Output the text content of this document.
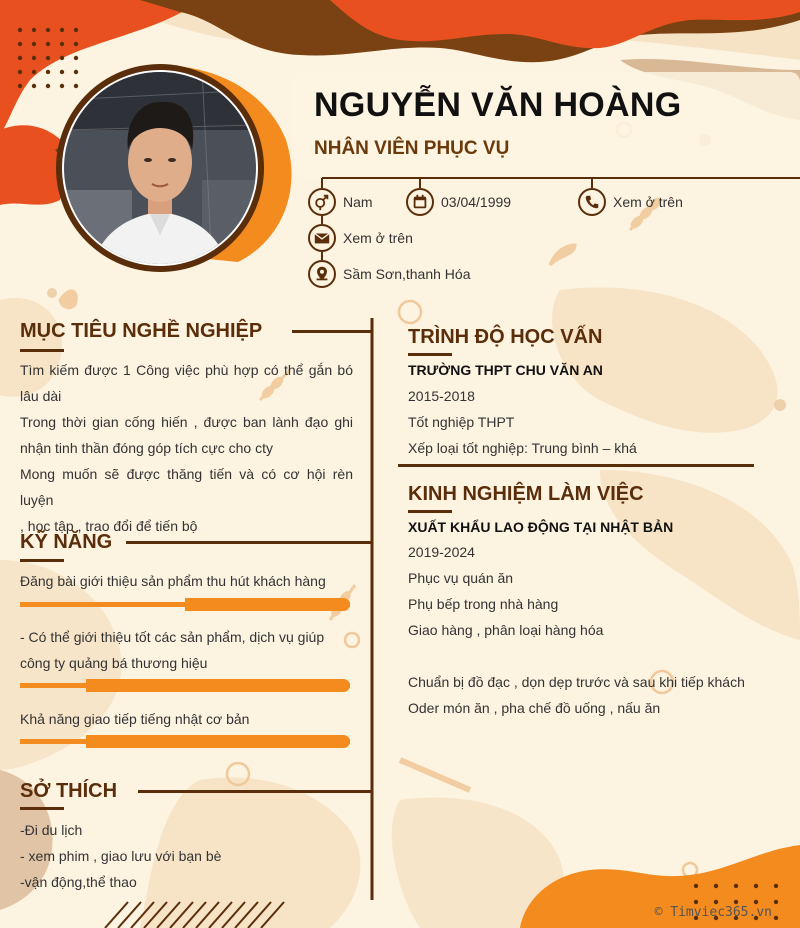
NGUYỄN VĂN HOÀNG
NHÂN VIÊN PHỤC VỤ
Nam	03/04/1999	Xem ở trên
Xem ở trên
Sầm Sơn,thanh Hóa
MỤC TIÊU NGHỀ NGHIỆP
Tìm kiếm được 1 Công việc phù hợp có thể gắn bó
lâu dài
Trong thời gian cống hiến , được ban lành đạo ghi
nhận tinh thần đóng góp tích cực cho cty
Mong muốn sẽ được thăng tiến và có cơ hội rèn luyện
, học tập , trao đổi để tiến bộ
KỸ NĂNG
Đăng bài giới thiệu sản phẩm thu hút khách hàng
- Có thể giới thiệu tốt các sản phẩm, dịch vụ giúp
công ty quảng bá thương hiệu
Khả năng giao tiếp tiếng nhật cơ bản
SỞ THÍCH
-Đi du lịch
- xem phim , giao lưu với bạn bè
-vận động,thể thao
TRÌNH ĐỘ HỌC VẤN
TRƯỜNG THPT CHU VĂN AN
2015-2018
Tốt nghiệp THPT
Xếp loại tốt nghiệp: Trung bình – khá
KINH NGHIỆM LÀM VIỆC
XUẤT KHẨU LAO ĐỘNG TẠI NHẬT BẢN
2019-2024
Phục vụ quán ăn
Phụ bếp trong nhà hàng
Giao hàng , phân loại hàng hóa
Chuẩn bị đồ đạc , dọn dẹp trước và sau khi tiếp khách
Oder món ăn , pha chế đồ uống , nấu ăn
© Timviec365.vn
